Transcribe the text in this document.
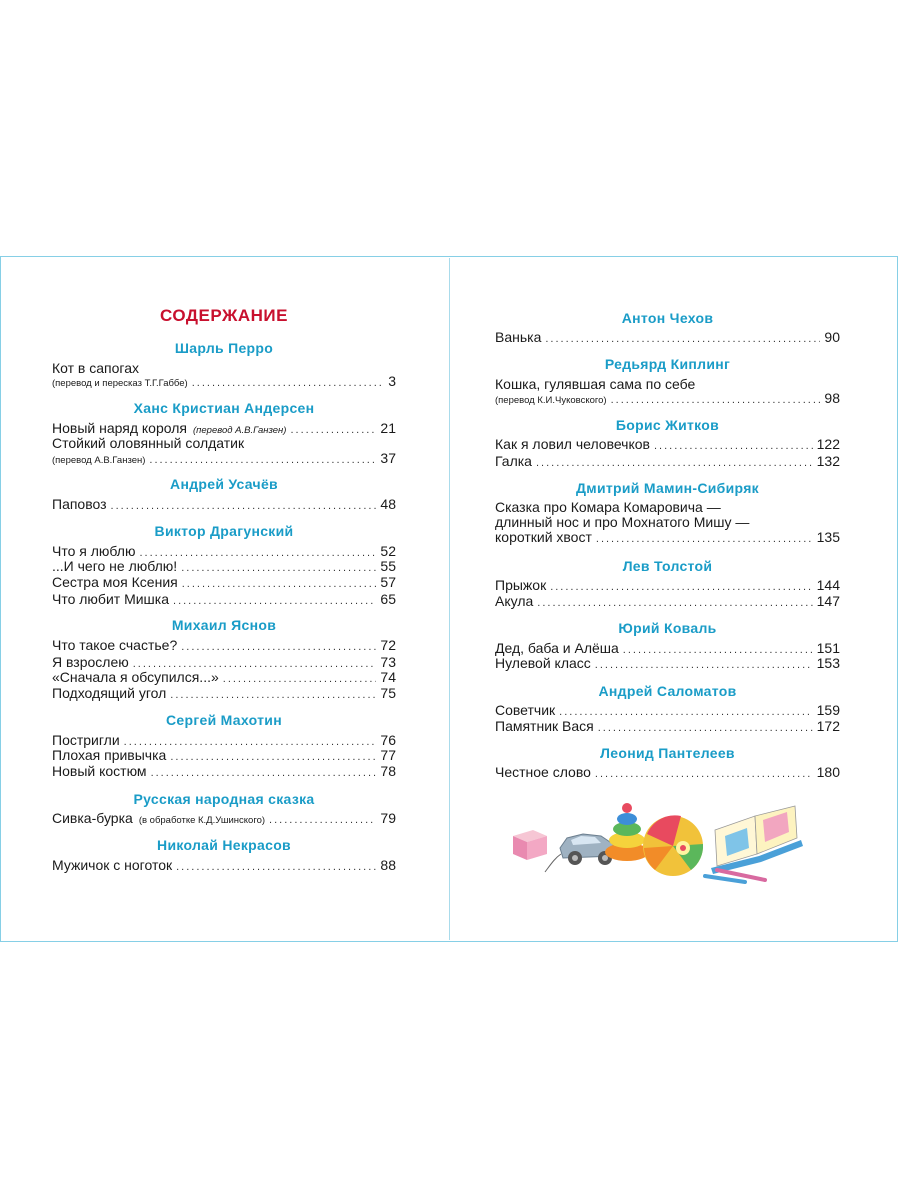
СОДЕРЖАНИЕ
Шарль Перро
Кот в сапогах
(перевод и пересказ Т.Г.Габбе) .....	3
Ханс Кристиан Андерсен
Новый наряд короля (перевод А.В.Ганзен) .....	21
Стойкий оловянный солдатик
(перевод А.В.Ганзен) .....	37
Андрей Усачёв
Паповоз .....	48
Виктор Драгунский
Что я люблю .....	52
...И чего не люблю! .....	55
Сестра моя Ксения .....	57
Что любит Мишка .....	65
Михаил Яснов
Что такое счастье? .....	72
Я взрослею .....	73
«Сначала я обсупился...» .....	74
Подходящий угол .....	75
Сергей Махотин
Постригли .....	76
Плохая привычка .....	77
Новый костюм .....	78
Русская народная сказка
Сивка-бурка (в обработке К.Д.Ушинского) .....	79
Николай Некрасов
Мужичок с ноготок .....	88
Антон Чехов
Ванька .....	90
Редьярд Киплинг
Кошка, гулявшая сама по себе
(перевод К.И.Чуковского) .....	98
Борис Житков
Как я ловил человечков .....	122
Галка .....	132
Дмитрий Мамин-Сибиряк
Сказка про Комара Комаровича —
длинный нос и про Мохнатого Мишу —
короткий хвост .....	135
Лев Толстой
Прыжок .....	144
Акула .....	147
Юрий Коваль
Дед, баба и Алёша .....	151
Нулевой класс .....	153
Андрей Саломатов
Советчик .....	159
Памятник Вася .....	172
Леонид Пантелеев
Честное слово .....	180
